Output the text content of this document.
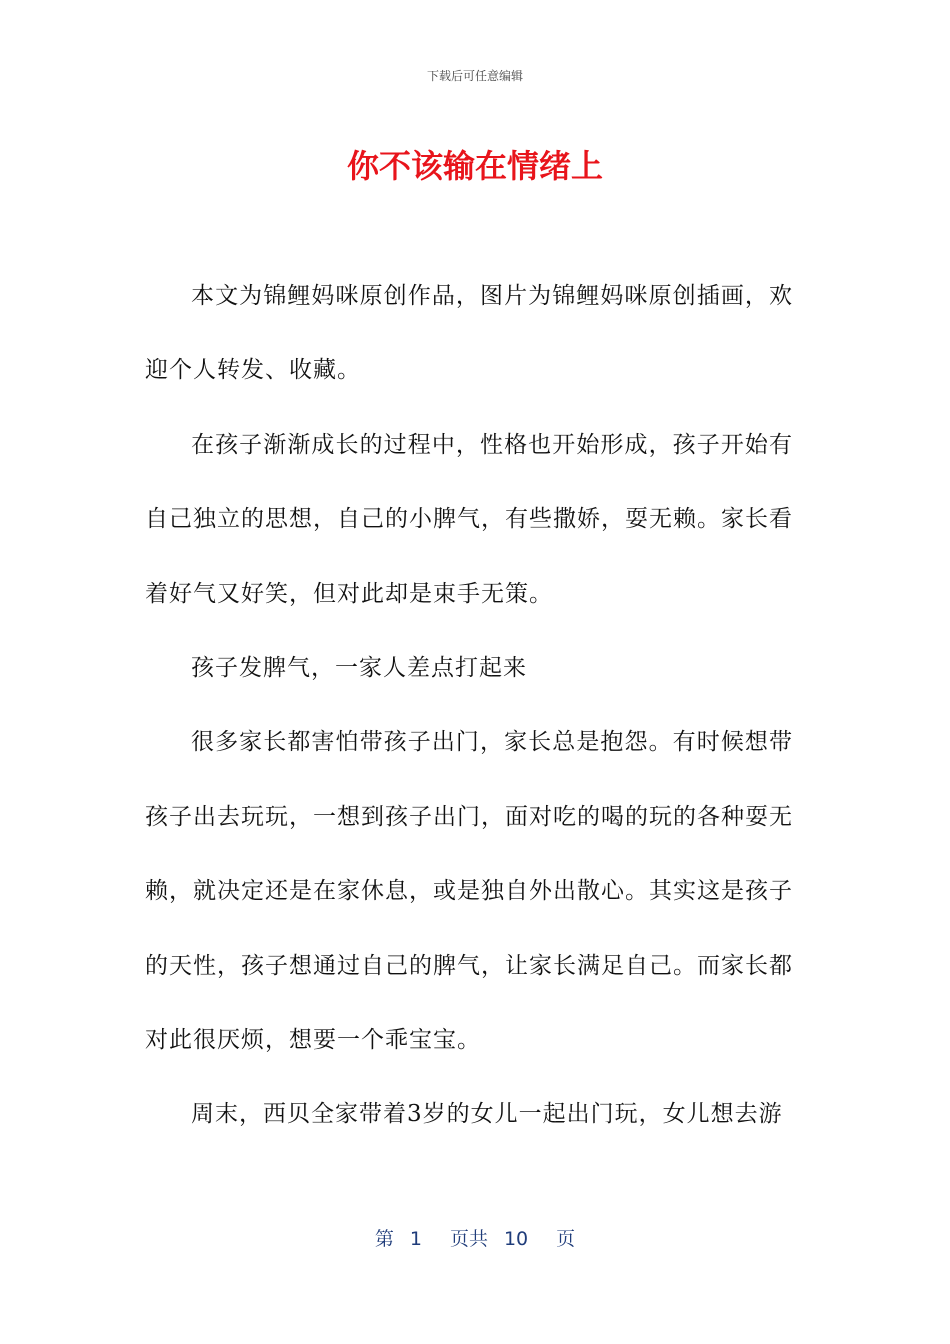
下载后可任意编辑
你不该输在情绪上

本文为锦鲤妈咪原创作品，图片为锦鲤妈咪原创插画，欢迎个人转发、收藏。

在孩子渐渐成长的过程中，性格也开始形成，孩子开始有自己独立的思想，自己的小脾气，有些撒娇，耍无赖。家长看着好气又好笑，但对此却是束手无策。

孩子发脾气，一家人差点打起来

很多家长都害怕带孩子出门，家长总是抱怨。有时候想带孩子出去玩玩，一想到孩子出门，面对吃的喝的玩的各种耍无赖，就决定还是在家休息，或是独自外出散心。其实这是孩子的天性，孩子想通过自己的脾气，让家长满足自己。而家长都对此很厌烦，想要一个乖宝宝。

周末，西贝全家带着3岁的女儿一起出门玩，女儿想去游

第 1 页共 10 页
